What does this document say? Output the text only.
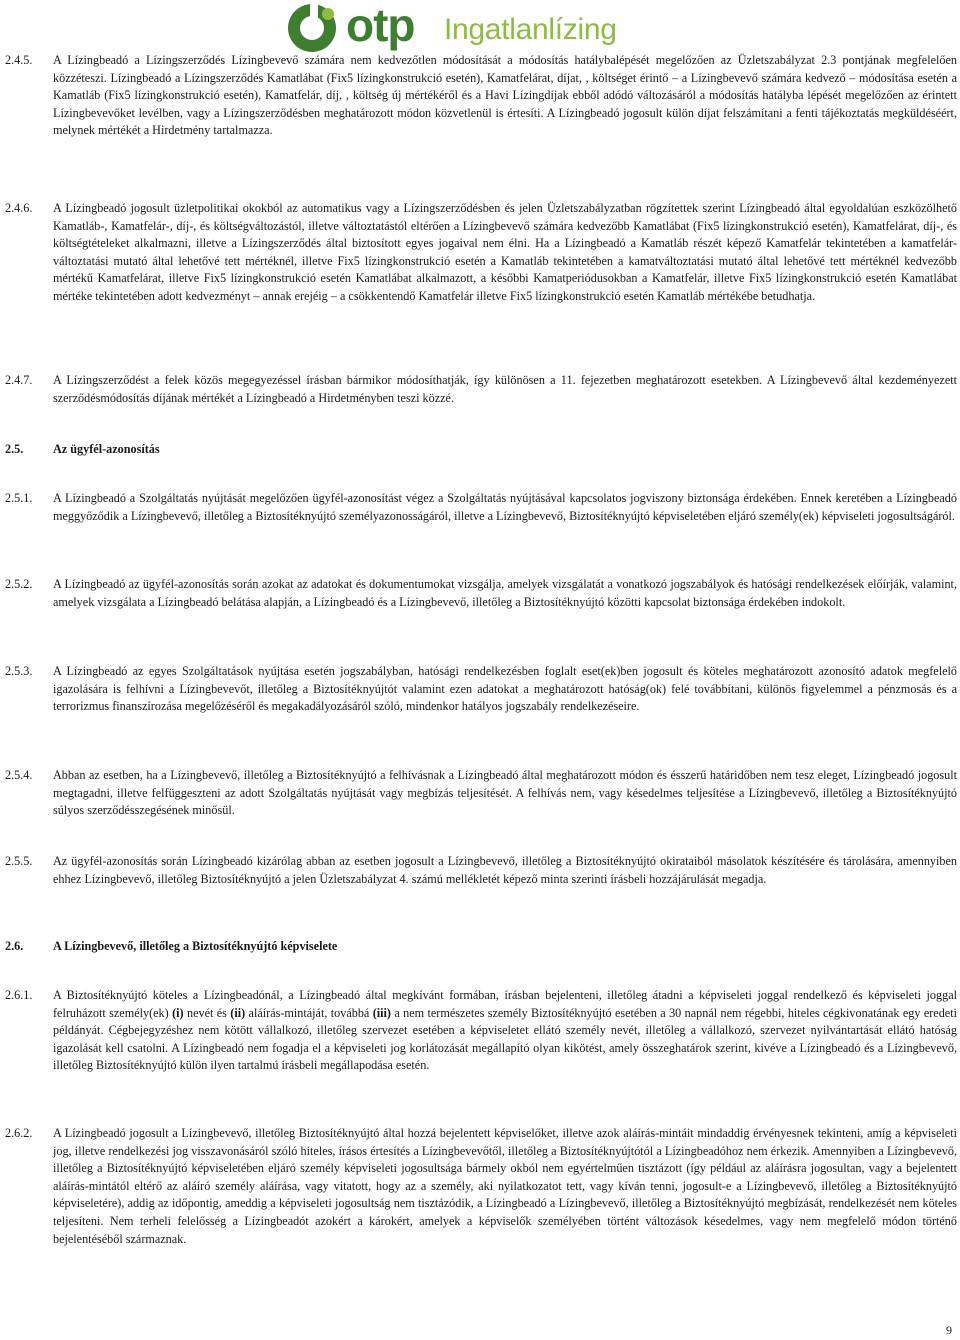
otp Ingatlanlízing
2.4.5.	A Lízingbeadó a Lízingszerződés Lízingbevevő számára nem kedvezőtlen módosítását a módosítás hatálybalépését megelőzően az Üzletszabályzat 2.3 pontjának megfelelően közzéteszi. Lízingbeadó a Lízingszerződés Kamatlábat (Fix5 lízingkonstrukció esetén), Kamatfelárat, díjat, , költséget érintő – a Lízingbevevő számára kedvező – módosítása esetén a Kamatláb (Fix5 lízingkonstrukció esetén), Kamatfelár, díj, , költség új mértékéről és a Havi Lízingdíjak ebből adódó változásáról a módosítás hatályba lépését megelőzően az érintett Lízingbevevőket levélben, vagy a Lízingszerződésben meghatározott módon közvetlenül is értesíti. A Lízingbeadó jogosult külön díjat felszámítani a fenti tájékoztatás megküldéséért, melynek mértékét a Hirdetmény tartalmazza.
2.4.6.	A Lízingbeadó jogosult üzletpolitikai okokból az automatikus vagy a Lízingszerződésben és jelen Üzletszabályzatban rögzítettek szerint Lízingbeadó által egyoldalúan eszközölhető Kamatláb-, Kamatfelár-, díj-, és költségváltozástól, illetve változtatástól eltérően a Lízingbevevő számára kedvezőbb Kamatlábat (Fix5 lízingkonstrukció esetén), Kamatfelárat, díj-, és költségtételeket alkalmazni, illetve a Lízingszerződés által biztosított egyes jogaival nem élni. Ha a Lízingbeadó a Kamatláb részét képező Kamatfelár tekintetében a kamatfelár-változtatási mutató által lehetővé tett mértéknél, illetve Fix5 lízingkonstrukció esetén a Kamatláb tekintetében a kamatváltoztatási mutató által lehetővé tett mértéknél kedvezőbb mértékű Kamatfelárat, illetve Fix5 lízingkonstrukció esetén Kamatlábat alkalmazott, a későbbi Kamatperiódusokban a Kamatfelár, illetve Fix5 lízingkonstrukció esetén Kamatlábat mértéke tekintetében adott kedvezményt – annak erejéig – a csökkentendő Kamatfelár illetve Fix5 lízingkonstrukció esetén Kamatláb mértékébe betudhatja.
2.4.7.	A Lízingszerződést a felek közös megegyezéssel írásban bármikor módosíthatják, így különösen a 11. fejezetben meghatározott esetekben. A Lízingbevevő által kezdeményezett szerződésmódosítás díjának mértékét a Lízingbeadó a Hirdetményben teszi közzé.
2.5.	Az ügyfél-azonosítás
2.5.1.	A Lízingbeadó a Szolgáltatás nyújtását megelőzően ügyfél-azonosítást végez a Szolgáltatás nyújtásával kapcsolatos jogviszony biztonsága érdekében. Ennek keretében a Lízingbeadó meggyőződik a Lízingbevevő, illetőleg a Biztosítéknyújtó személyazonosságáról, illetve a Lízingbevevő, Biztosítéknyújtó képviseletében eljáró személy(ek) képviseleti jogosultságáról.
2.5.2.	A Lízingbeadó az ügyfél-azonosítás során azokat az adatokat és dokumentumokat vizsgálja, amelyek vizsgálatát a vonatkozó jogszabályok és hatósági rendelkezések előírják, valamint, amelyek vizsgálata a Lízingbeadó belátása alapján, a Lízingbeadó és a Lízingbevevő, illetőleg a Biztosítéknyújtó közötti kapcsolat biztonsága érdekében indokolt.
2.5.3.	A Lízingbeadó az egyes Szolgáltatások nyújtása esetén jogszabályban, hatósági rendelkezésben foglalt eset(ek)ben jogosult és köteles meghatározott azonosító adatok megfelelő igazolására is felhívni a Lízingbevevőt, illetőleg a Biztosítéknyújtót valamint ezen adatokat a meghatározott hatóság(ok) felé továbbítani, különös figyelemmel a pénzmosás és a terrorizmus finanszírozása megelőzéséről és megakadályozásáról szóló, mindenkor hatályos jogszabály rendelkezéseire.
2.5.4.	Abban az esetben, ha a Lízingbevevő, illetőleg a Biztosítéknyújtó a felhívásnak a Lízingbeadó által meghatározott módon és ésszerű határidőben nem tesz eleget, Lízingbeadó jogosult megtagadni, illetve felfüggeszteni az adott Szolgáltatás nyújtását vagy megbízás teljesítését. A felhívás nem, vagy késedelmes teljesítése a Lízingbevevő, illetőleg a Biztosítéknyújtó súlyos szerződésszegésének minősül.
2.5.5.	Az ügyfél-azonosítás során Lízingbeadó kizárólag abban az esetben jogosult a Lízingbevevő, illetőleg a Biztosítéknyújtó okirataiból másolatok készítésére és tárolására, amennyiben ehhez Lízingbevevő, illetőleg Biztosítéknyújtó a jelen Üzletszabályzat 4. számú mellékletét képező minta szerinti írásbeli hozzájárulását megadja.
2.6.	A Lízingbevevő, illetőleg a Biztosítéknyújtó képviselete
2.6.1.	A Biztosítéknyújtó köteles a Lízingbeadónál, a Lízingbeadó által megkívánt formában, írásban bejelenteni, illetőleg átadni a képviseleti joggal rendelkező és képviseleti joggal felruházott személy(ek) (i) nevét és (ii) aláírás-mintáját, továbbá (iii) a nem természetes személy Biztosítéknyújtó esetében a 30 napnál nem régebbi, hiteles cégkivonatának egy eredeti példányát. Cégbejegyzéshez nem kötött vállalkozó, illetőleg szervezet esetében a képviseletet ellátó személy nevét, illetőleg a vállalkozó, szervezet nyilvántartását ellátó hatóság igazolását kell csatolni. A Lízingbeadó nem fogadja el a képviseleti jog korlátozását megállapító olyan kikötést, amely összeghatárok szerint, kivéve a Lízingbeadó és a Lízingbevevő, illetőleg Biztosítéknyújtó külön ilyen tartalmú írásbeli megállapodása esetén.
2.6.2.	A Lízingbeadó jogosult a Lízingbevevő, illetőleg Biztosítéknyújtó által hozzá bejelentett képviselőket, illetve azok aláírás-mintáit mindaddig érvényesnek tekinteni, amíg a képviseleti jog, illetve rendelkezési jog visszavonásáról szóló hiteles, írásos értesítés a Lízingbevevőtől, illetőleg a Biztosítéknyújtótól a Lízingbeadóhoz nem érkezik. Amennyiben a Lízingbevevő, illetőleg a Biztosítéknyújtó képviseletében eljáró személy képviseleti jogosultsága bármely okból nem egyértelműen tisztázott (így például az aláírásra jogosultan, vagy a bejelentett aláírás-mintától eltérő az aláíró személy aláírása, vagy vitatott, hogy az a személy, aki nyilatkozatot tett, vagy kíván tenni, jogosult-e a Lízingbevevő, illetőleg a Biztosítéknyújtó képviseletére), addig az időpontig, ameddig a képviseleti jogosultság nem tisztázódik, a Lízingbeadó a Lízingbevevő, illetőleg a Biztosítéknyújtó megbízását, rendelkezését nem köteles teljesíteni. Nem terheli felelősség a Lízingbeadót azokért a károkért, amelyek a képviselők személyében történt változások késedelmes, vagy nem megfelelő módon történő bejelentéséből származnak.
9
